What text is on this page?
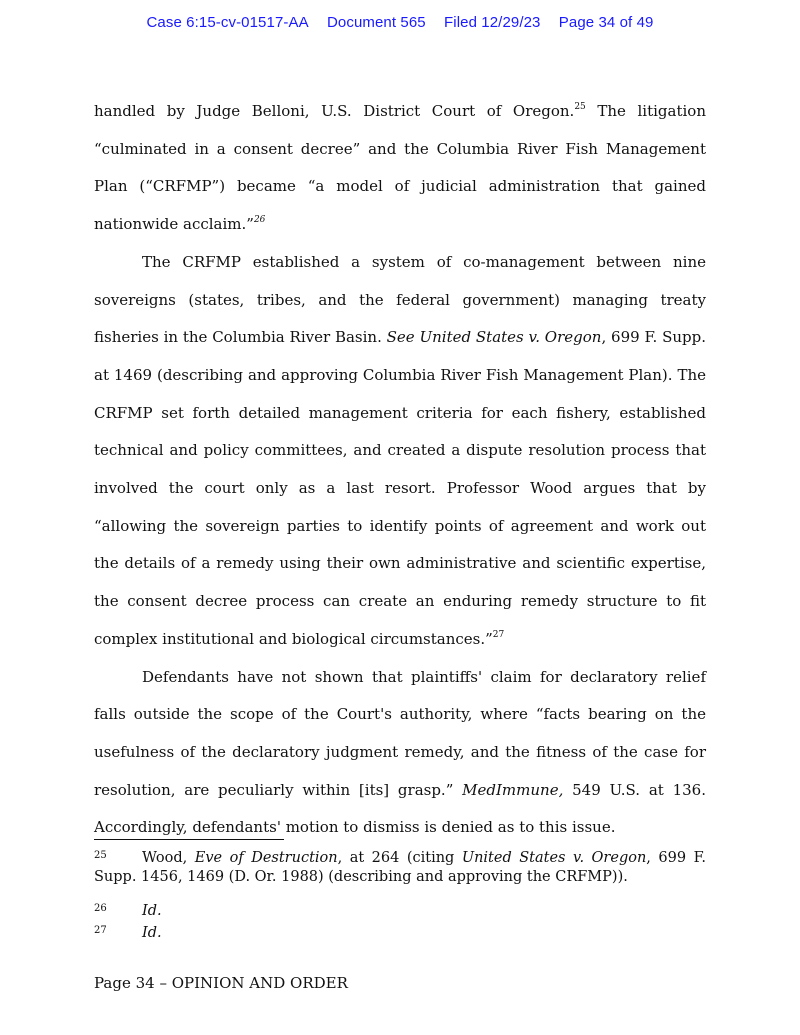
Case 6:15-cv-01517-AA Document 565 Filed 12/29/23 Page 34 of 49

handled by Judge Belloni, U.S. District Court of Oregon.$^{25}$ The litigation “culminated in a consent decree” and the Columbia River Fish Management Plan (“CRFMP”) became “a model of judicial administration that gained nationwide acclaim.”$^{26}$

The CRFMP established a system of co-management between nine sovereigns (states, tribes, and the federal government) managing treaty fisheries in the Columbia River Basin. See United States v. Oregon, 699 F. Supp. at 1469 (describing and approving Columbia River Fish Management Plan). The CRFMP set forth detailed management criteria for each fishery, established technical and policy committees, and created a dispute resolution process that involved the court only as a last resort. Professor Wood argues that by “allowing the sovereign parties to identify points of agreement and work out the details of a remedy using their own administrative and scientific expertise, the consent decree process can create an enduring remedy structure to fit complex institutional and biological circumstances.”$^{27}$

Defendants have not shown that plaintiffs' claim for declaratory relief falls outside the scope of the Court's authority, where “facts bearing on the usefulness of the declaratory judgment remedy, and the fitness of the case for resolution, are peculiarly within [its] grasp.” MedImmune, 549 U.S. at 136. Accordingly, defendants' motion to dismiss is denied as to this issue.

25 Wood, Eve of Destruction, at 264 (citing United States v. Oregon, 699 F. Supp. 1456, 1469 (D. Or. 1988) (describing and approving the CRFMP)).

26 Id.

27 Id.

Page 34 – OPINION AND ORDER
